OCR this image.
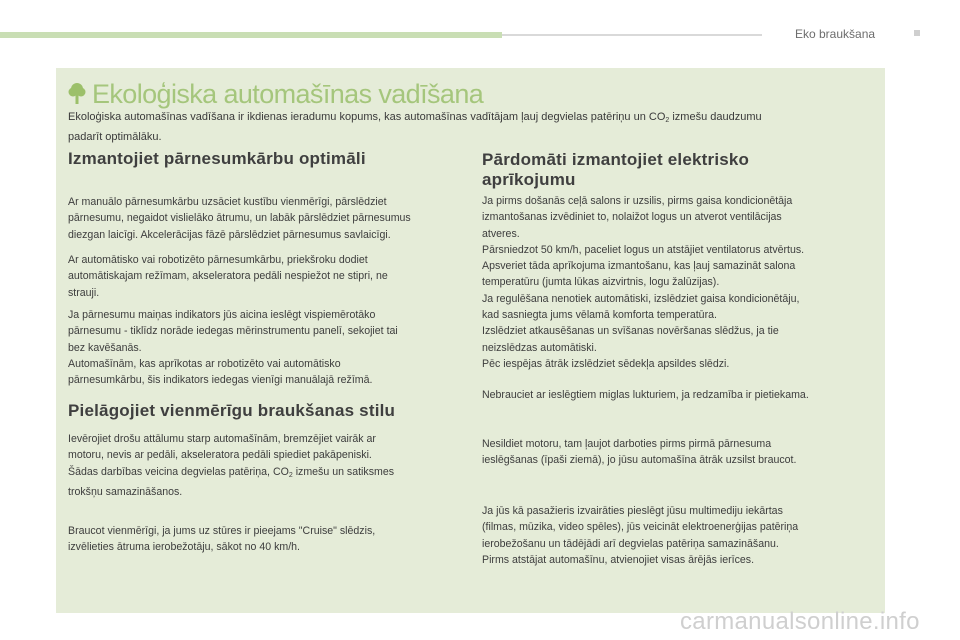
Eko braukšana
Ekoloģiska automašīnas vadīšana
Ekoloģiska automašīnas vadīšana ir ikdienas ieradumu kopums, kas automašīnas vadītājam ļauj degvielas patēriņu un $CO_2$ izmešu daudzumu
padarīt optimālāku.
Izmantojiet pārnesumkārbu optimāli
Ar manuālo pārnesumkārbu uzsāciet kustību vienmērīgi, pārslēdziet
pārnesumu, negaidot vislielāko ātrumu, un labāk pārslēdziet pārnesumus
diezgan laicīgi. Akcelerācijas fāzē pārslēdziet pārnesumus savlaicīgi.
Ar automātisko vai robotizēto pārnesumkārbu, priekšroku dodiet
automātiskajam režīmam, akseleratora pedāli nespiežot ne stipri, ne
strauji.
Ja pārnesumu maiņas indikators jūs aicina ieslēgt vispiemērotāko
pārnesumu - tiklīdz norāde iedegas mērinstrumentu panelī, sekojiet tai
bez kavēšanās.
Automašīnām, kas aprīkotas ar robotizēto vai automātisko
pārnesumkārbu, šis indikators iedegas vienīgi manuālajā režīmā.
Pielāgojiet vienmērīgu braukšanas stilu
Ievērojiet drošu attālumu starp automašīnām, bremzējiet vairāk ar
motoru, nevis ar pedāli, akseleratora pedāli spiediet pakāpeniski.
Šādas darbības veicina degvielas patēriņa, $CO_2$ izmešu un satiksmes
trokšņu samazināšanos.
Braucot vienmērīgi, ja jums uz stūres ir pieejams "Cruise" slēdzis,
izvēlieties ātruma ierobežotāju, sākot no 40 km/h.
Pārdomāti izmantojiet elektrisko
aprīkojumu
Ja pirms došanās ceļā salons ir uzsilis, pirms gaisa kondicionētāja
izmantošanas izvēdiniet to, nolaižot logus un atverot ventilācijas
atveres.
Pārsniedzot 50 km/h, paceliet logus un atstājiet ventilatorus atvērtus.
Apsveriet tāda aprīkojuma izmantošanu, kas ļauj samazināt salona
temperatūru (jumta lūkas aizvirtnis, logu žalūzijas).
Ja regulēšana nenotiek automātiski, izslēdziet gaisa kondicionētāju,
kad sasniegta jums vēlamā komforta temperatūra.
Izslēdziet atkausēšanas un svīšanas novēršanas slēdžus, ja tie
neizslēdzas automātiski.
Pēc iespējas ātrāk izslēdziet sēdekļa apsildes slēdzi.
Nebrauciet ar ieslēgtiem miglas lukturiem, ja redzamība ir pietiekama.
Nesildiet motoru, tam ļaujot darboties pirms pirmā pārnesuma
ieslēgšanas (īpaši ziemā), jo jūsu automašīna ātrāk uzsilst braucot.
Ja jūs kā pasažieris izvairāties pieslēgt jūsu multimediju iekārtas
(filmas, mūzika, video spēles), jūs veicināt elektroenerģijas patēriņa
ierobežošanu un tādējādi arī degvielas patēriņa samazināšanu.
Pirms atstājat automašīnu, atvienojiet visas ārējās ierīces.
carmanualsonline.info
